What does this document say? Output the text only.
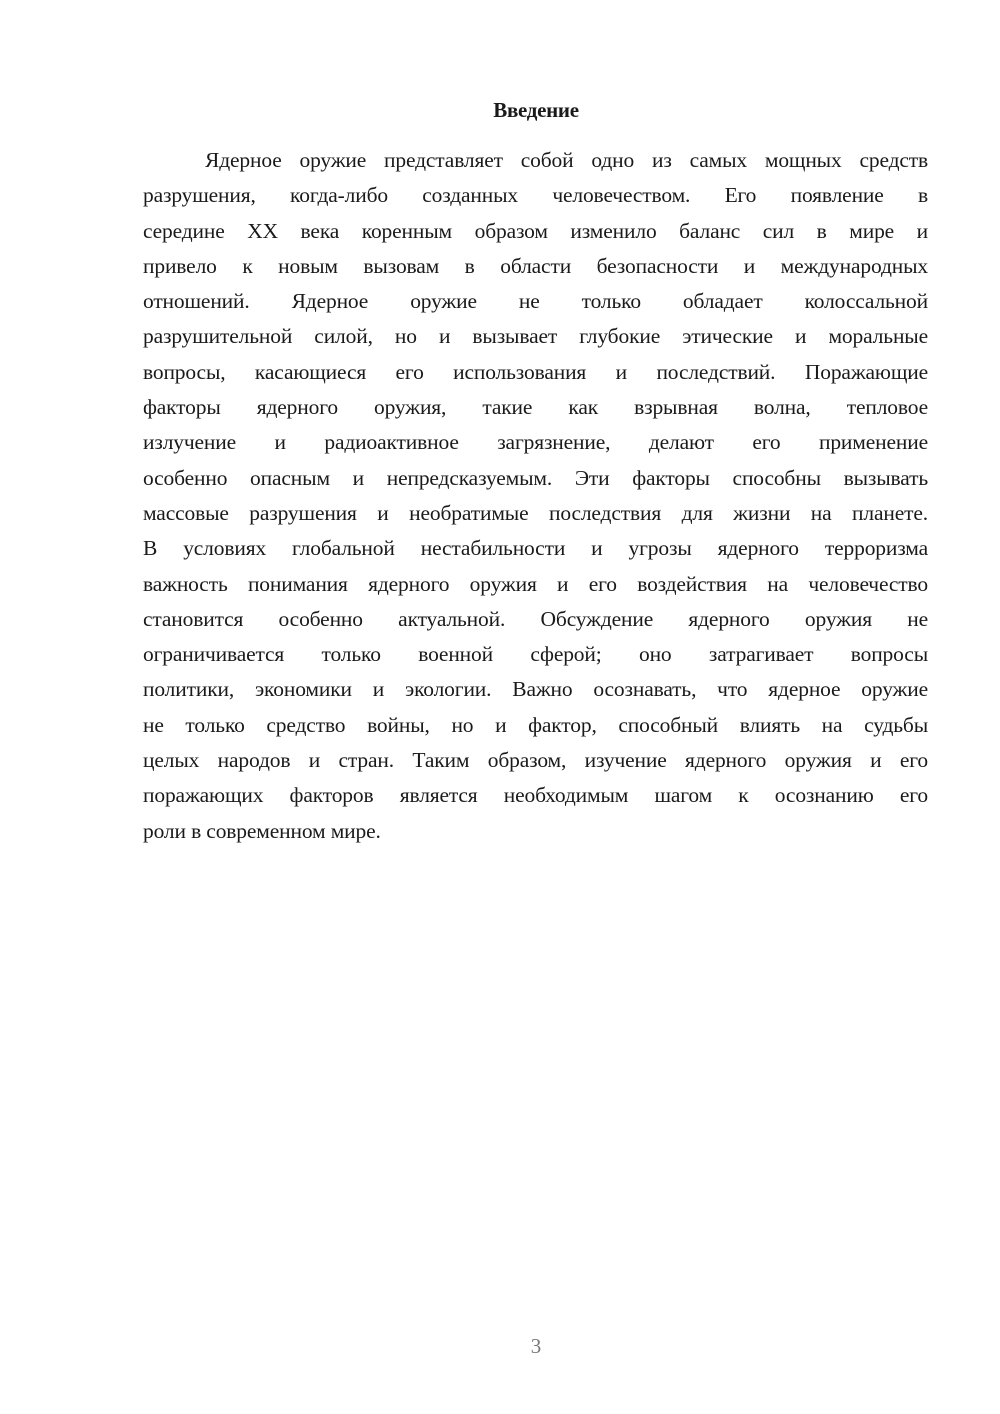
Введение
Ядерное оружие представляет собой одно из самых мощных средств
разрушения, когда-либо созданных человечеством. Его появление в
середине XX века коренным образом изменило баланс сил в мире и
привело к новым вызовам в области безопасности и международных
отношений. Ядерное оружие не только обладает колоссальной
разрушительной силой, но и вызывает глубокие этические и моральные
вопросы, касающиеся его использования и последствий. Поражающие
факторы ядерного оружия, такие как взрывная волна, тепловое
излучение и радиоактивное загрязнение, делают его применение
особенно опасным и непредсказуемым. Эти факторы способны вызывать
массовые разрушения и необратимые последствия для жизни на планете.
В условиях глобальной нестабильности и угрозы ядерного терроризма
важность понимания ядерного оружия и его воздействия на человечество
становится особенно актуальной. Обсуждение ядерного оружия не
ограничивается только военной сферой; оно затрагивает вопросы
политики, экономики и экологии. Важно осознавать, что ядерное оружие
не только средство войны, но и фактор, способный влиять на судьбы
целых народов и стран. Таким образом, изучение ядерного оружия и его
поражающих факторов является необходимым шагом к осознанию его
роли в современном мире.
3
